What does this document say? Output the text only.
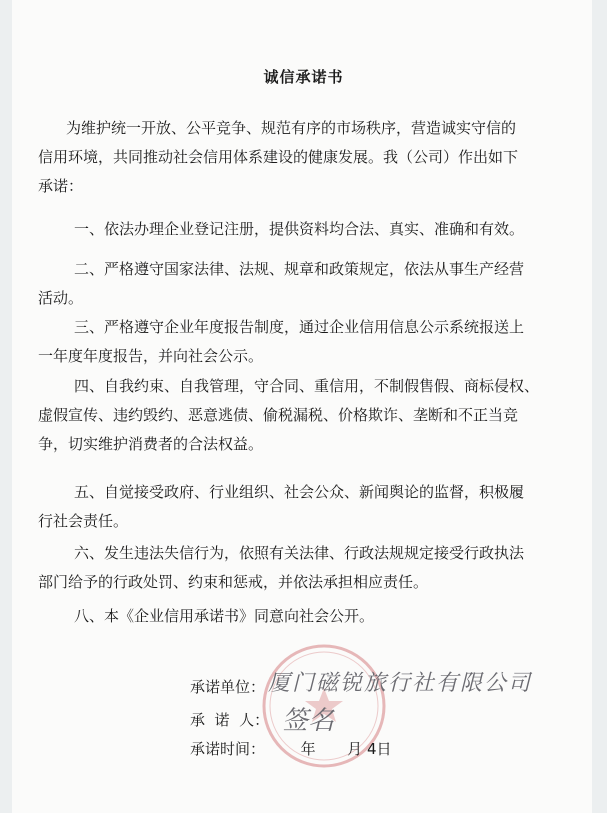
诚信承诺书
为维护统一开放、公平竞争、规范有序的市场秩序，营造诚实守信的
信用环境，共同推动社会信用体系建设的健康发展。我（公司）作出如下
承诺：
一、依法办理企业登记注册，提供资料均合法、真实、准确和有效。
二、严格遵守国家法律、法规、规章和政策规定，依法从事生产经营
活动。
三、严格遵守企业年度报告制度，通过企业信用信息公示系统报送上
一年度年度报告，并向社会公示。
四、自我约束、自我管理，守合同、重信用，不制假售假、商标侵权、
虚假宣传、违约毁约、恶意逃债、偷税漏税、价格欺诈、垄断和不正当竞
争，切实维护消费者的合法权益。
五、自觉接受政府、行业组织、社会公众、新闻舆论的监督，积极履
行社会责任。
六、发生违法失信行为，依照有关法律、行政法规规定接受行政执法
部门给予的行政处罚、约束和惩戒，并依法承担相应责任。
八、本《企业信用承诺书》同意向社会公开。
承诺单位： 厦门磁锐旅行社有限公司
承  诺  人： 签名
承诺时间： 年 月 4日
